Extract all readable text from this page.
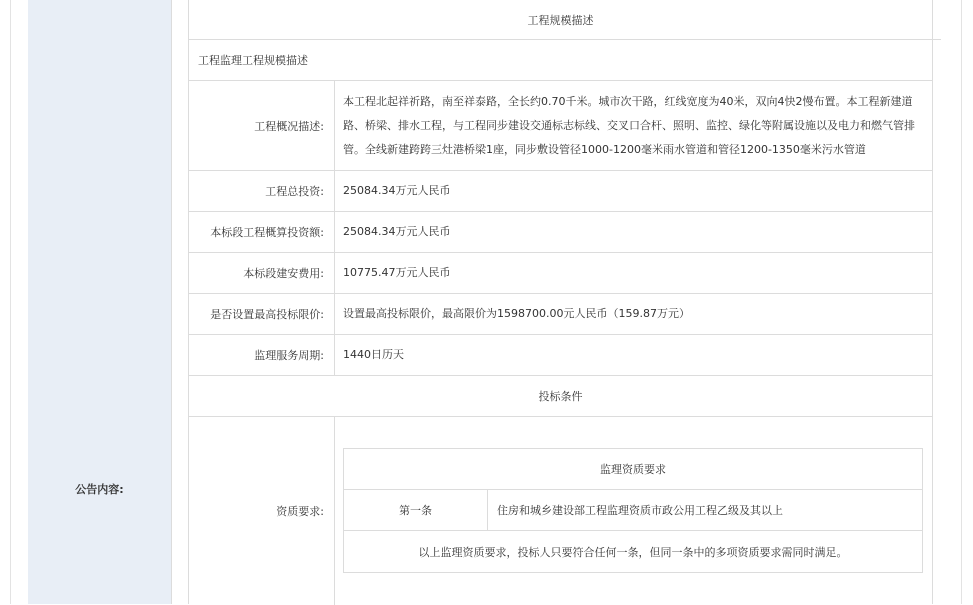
公告内容:
工程规模描述
工程监理工程规模描述
工程概况描述:
本工程北起祥祈路，南至祥泰路，全长约0.70千米。城市次干路，红线宽度为40米，双向4快2慢布置。本工程新建道路、桥梁、排水工程，与工程同步建设交通标志标线、交叉口合杆、照明、监控、绿化等附属设施以及电力和燃气管排管。全线新建跨跨三灶港桥梁1座，同步敷设管径1000-1200毫米雨水管道和管径1200-1350毫米污水管道
工程总投资:	25084.34万元人民币
本标段工程概算投资额:	25084.34万元人民币
本标段建安费用:	10775.47万元人民币
是否设置最高投标限价:	设置最高投标限价，最高限价为1598700.00元人民币（159.87万元）
监理服务周期:	1440日历天
投标条件
资质要求:
监理资质要求
第一条	住房和城乡建设部工程监理资质市政公用工程乙级及其以上
以上监理资质要求，投标人只要符合任何一条，但同一条中的多项资质要求需同时满足。
